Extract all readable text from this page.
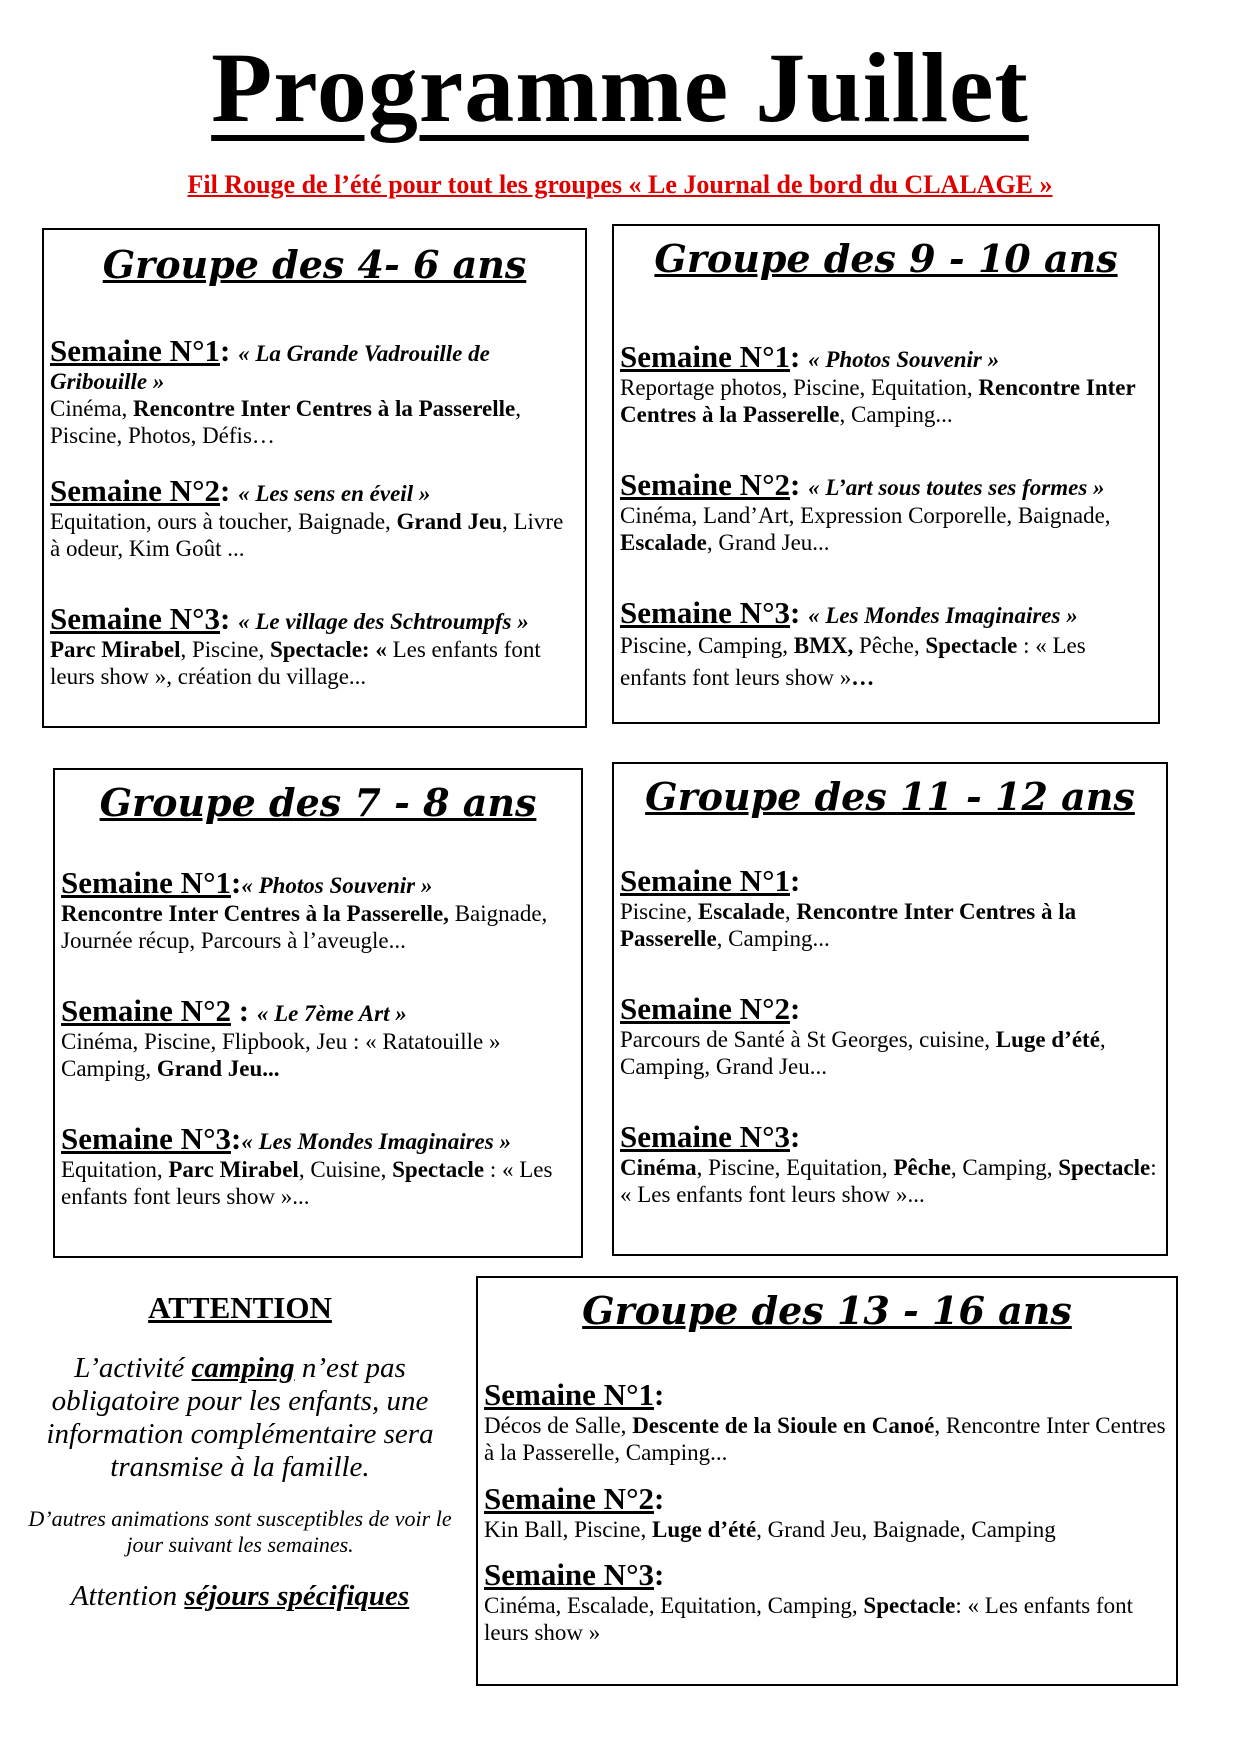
Programme Juillet

Fil Rouge de l’été pour tout les groupes « Le Journal de bord du CLALAGE »

Groupe des 4- 6 ans

Semaine N°1: « La Grande Vadrouille de Gribouille »
Cinéma, Rencontre Inter Centres à la Passerelle, Piscine, Photos, Défis…
Semaine N°2: « Les sens en éveil »
Equitation, ours à toucher, Baignade, Grand Jeu, Livre à odeur, Kim Goût ...
Semaine N°3: « Le village des Schtroumpfs »
Parc Mirabel, Piscine, Spectacle: « Les enfants font leurs show », création du village...

Groupe des 9 - 10 ans

Semaine N°1: « Photos Souvenir »
Reportage photos, Piscine, Equitation, Rencontre Inter Centres à la Passerelle, Camping...
Semaine N°2: « L’art sous toutes ses formes »
Cinéma, Land’Art, Expression Corporelle, Baignade, Escalade, Grand Jeu...
Semaine N°3: « Les Mondes Imaginaires »
Piscine, Camping, BMX, Pêche, Spectacle : « Les enfants font leurs show »…

Groupe des 7 - 8 ans

Semaine N°1:« Photos Souvenir »
Rencontre Inter Centres à la Passerelle, Baignade, Journée récup, Parcours à l’aveugle...
Semaine N°2 : « Le 7ème Art »
Cinéma, Piscine, Flipbook, Jeu : « Ratatouille » Camping, Grand Jeu...
Semaine N°3:« Les Mondes Imaginaires »
Equitation, Parc Mirabel, Cuisine, Spectacle : « Les enfants font leurs show »...

Groupe des 11 - 12 ans

Semaine N°1:
Piscine, Escalade, Rencontre Inter Centres à la Passerelle, Camping...
Semaine N°2:
Parcours de Santé à St Georges, cuisine, Luge d’été, Camping, Grand Jeu...
Semaine N°3:
Cinéma, Piscine, Equitation, Pêche, Camping, Spectacle: « Les enfants font leurs show »...

ATTENTION

L’activité camping n’est pas obligatoire pour les enfants, une information complémentaire sera transmise à la famille.

D’autres animations sont susceptibles de voir le jour suivant les semaines.

Attention séjours spécifiques

Groupe des 13 - 16 ans

Semaine N°1:
Décos de Salle, Descente de la Sioule en Canoé, Rencontre Inter Centres à la Passerelle, Camping...
Semaine N°2:
Kin Ball, Piscine, Luge d’été, Grand Jeu, Baignade, Camping
Semaine N°3:
Cinéma, Escalade, Equitation, Camping, Spectacle: « Les enfants font leurs show »
